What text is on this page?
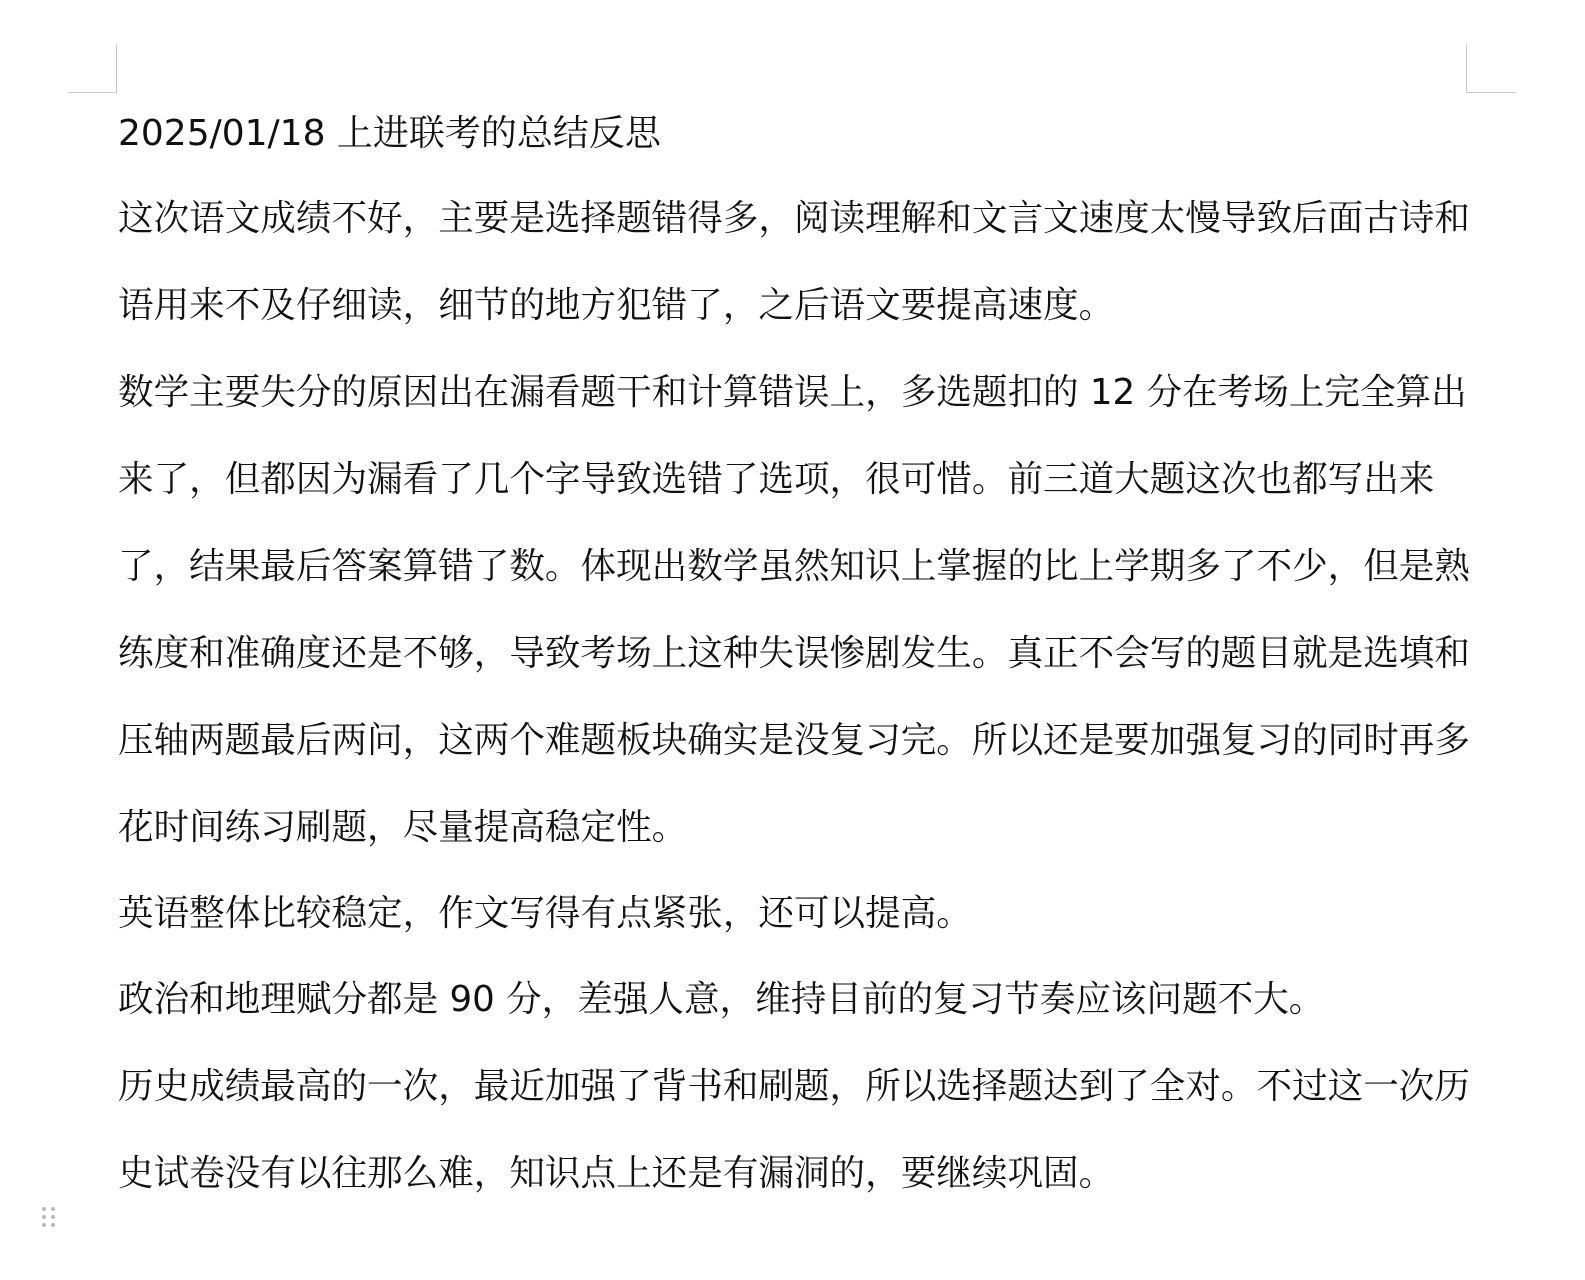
2025/01/18 上进联考的总结反思

这次语文成绩不好，主要是选择题错得多，阅读理解和文言文速度太慢导致后面古诗和语用来不及仔细读，细节的地方犯错了，之后语文要提高速度。

数学主要失分的原因出在漏看题干和计算错误上，多选题扣的 12 分在考场上完全算出来了，但都因为漏看了几个字导致选错了选项，很可惜。前三道大题这次也都写出来了，结果最后答案算错了数。体现出数学虽然知识上掌握的比上学期多了不少，但是熟练度和准确度还是不够，导致考场上这种失误惨剧发生。真正不会写的题目就是选填和压轴两题最后两问，这两个难题板块确实是没复习完。所以还是要加强复习的同时再多花时间练习刷题，尽量提高稳定性。

英语整体比较稳定，作文写得有点紧张，还可以提高。

政治和地理赋分都是 90 分，差强人意，维持目前的复习节奏应该问题不大。

历史成绩最高的一次，最近加强了背书和刷题，所以选择题达到了全对。不过这一次历史试卷没有以往那么难，知识点上还是有漏洞的，要继续巩固。
